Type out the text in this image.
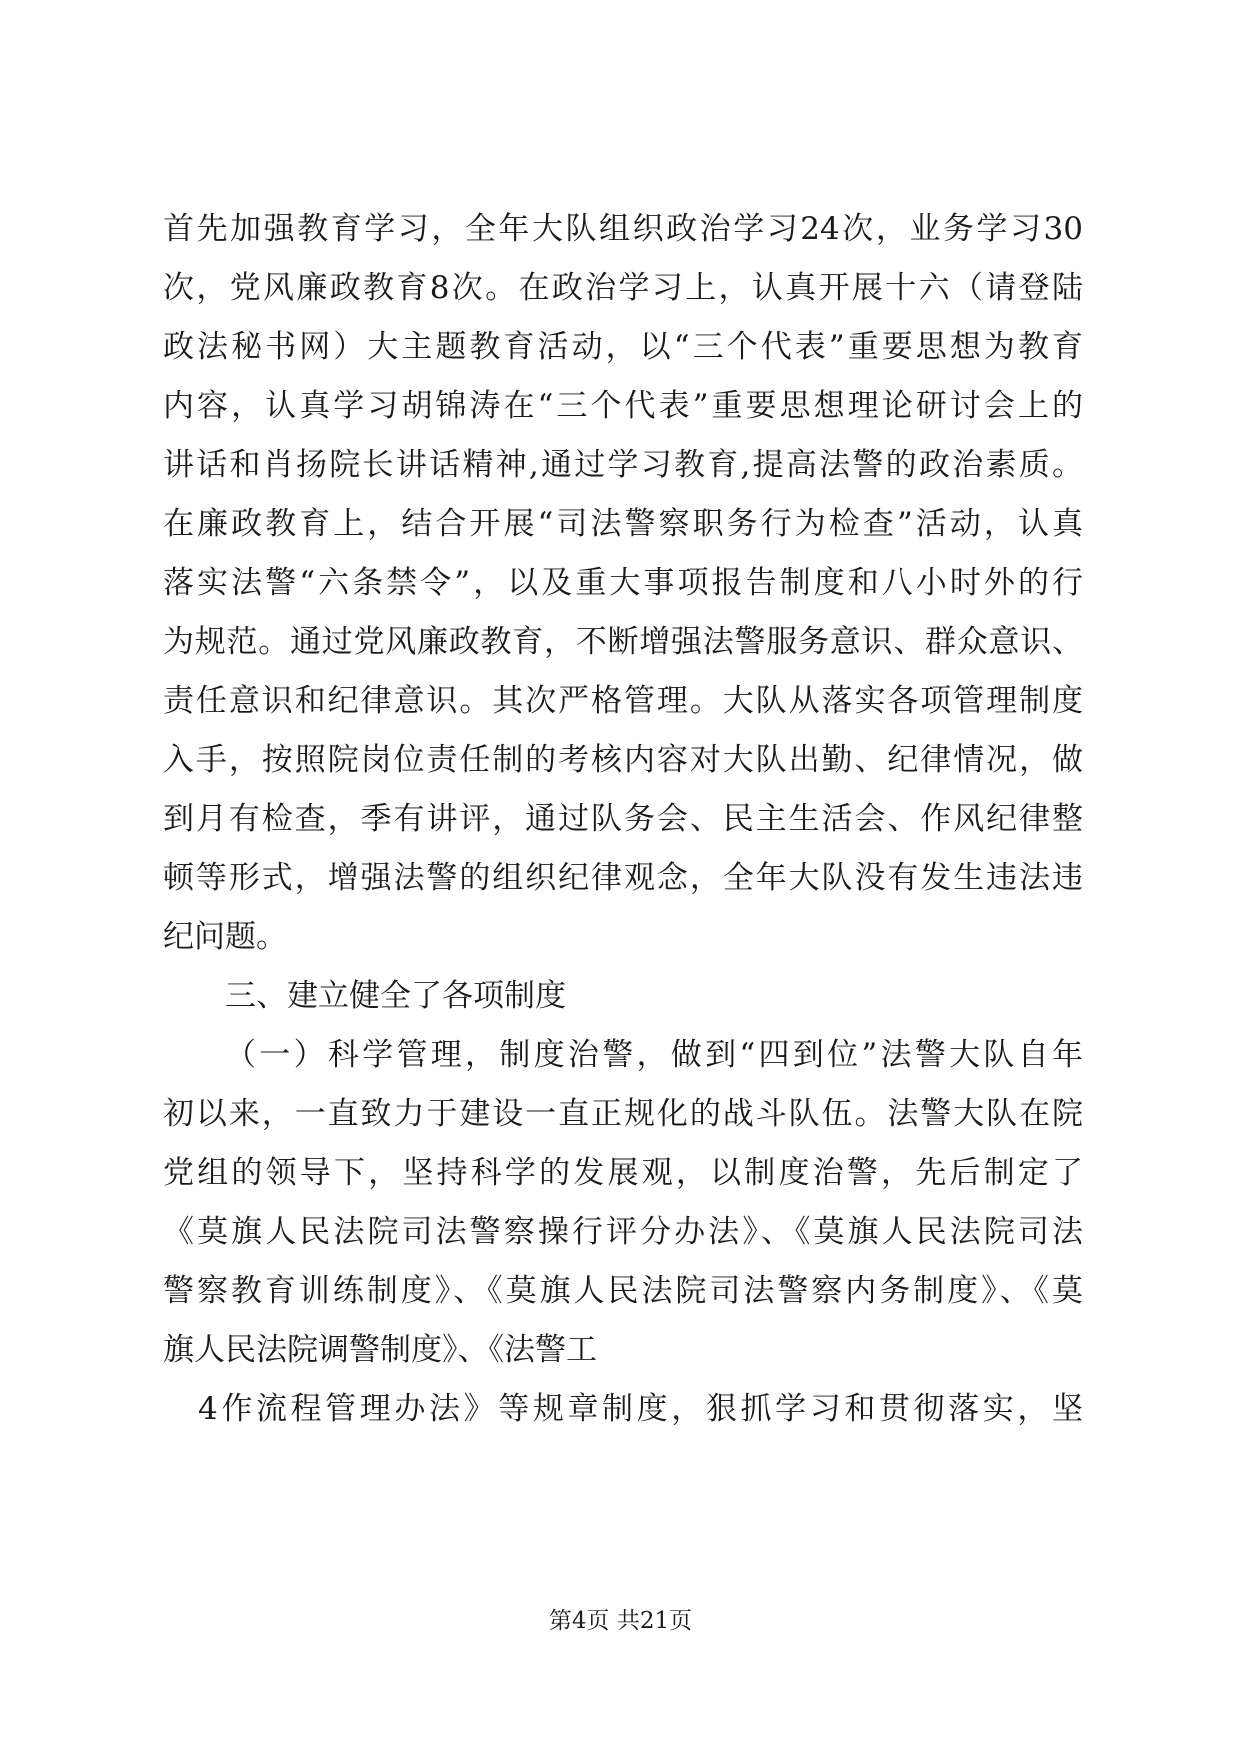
首先加强教育学习，全年大队组织政治学习24次，业务学习30
次，党风廉政教育8次。在政治学习上，认真开展十六（请登陆
政法秘书网）大主题教育活动，以“三个代表”重要思想为教育
内容，认真学习胡锦涛在“三个代表”重要思想理论研讨会上的
讲话和肖扬院长讲话精神,通过学习教育,提高法警的政治素质。
在廉政教育上，结合开展“司法警察职务行为检查”活动，认真
落实法警“六条禁令”，以及重大事项报告制度和八小时外的行
为规范。通过党风廉政教育，不断增强法警服务意识、群众意识、
责任意识和纪律意识。其次严格管理。大队从落实各项管理制度
入手，按照院岗位责任制的考核内容对大队出勤、纪律情况，做
到月有检查，季有讲评，通过队务会、民主生活会、作风纪律整
顿等形式，增强法警的组织纪律观念，全年大队没有发生违法违
纪问题。
三、建立健全了各项制度
（一）科学管理，制度治警，做到“四到位”法警大队自年
初以来，一直致力于建设一直正规化的战斗队伍。法警大队在院
党组的领导下，坚持科学的发展观，以制度治警，先后制定了
《莫旗人民法院司法警察操行评分办法》、《莫旗人民法院司法
警察教育训练制度》、《莫旗人民法院司法警察内务制度》、《莫
旗人民法院调警制度》、《法警工
4作流程管理办法》等规章制度，狠抓学习和贯彻落实，坚
第4页 共21页
